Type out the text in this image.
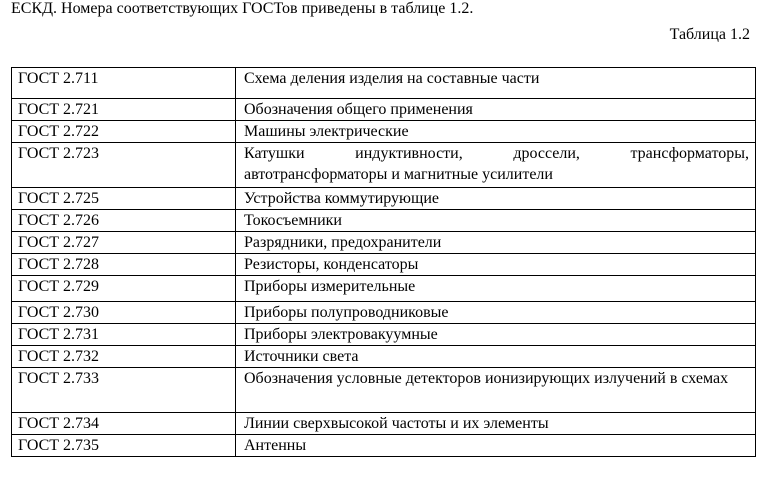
ЕСКД. Номера соответствующих ГОСТов приведены в таблице 1.2.
Таблица 1.2
ГОСТ 2.711	Схема деления изделия на составные части
ГОСТ 2.721	Обозначения общего применения
ГОСТ 2.722	Машины электрические
ГОСТ 2.723	Катушки индуктивности, дроссели, трансформаторы, автотрансформаторы и магнитные усилители
ГОСТ 2.725	Устройства коммутирующие
ГОСТ 2.726	Токосъемники
ГОСТ 2.727	Разрядники, предохранители
ГОСТ 2.728	Резисторы, конденсаторы
ГОСТ 2.729	Приборы измерительные
ГОСТ 2.730	Приборы полупроводниковые
ГОСТ 2.731	Приборы электровакуумные
ГОСТ 2.732	Источники света
ГОСТ 2.733	Обозначения условные детекторов ионизирующих излучений в схемах
ГОСТ 2.734	Линии сверхвысокой частоты и их элементы
ГОСТ 2.735	Антенны
